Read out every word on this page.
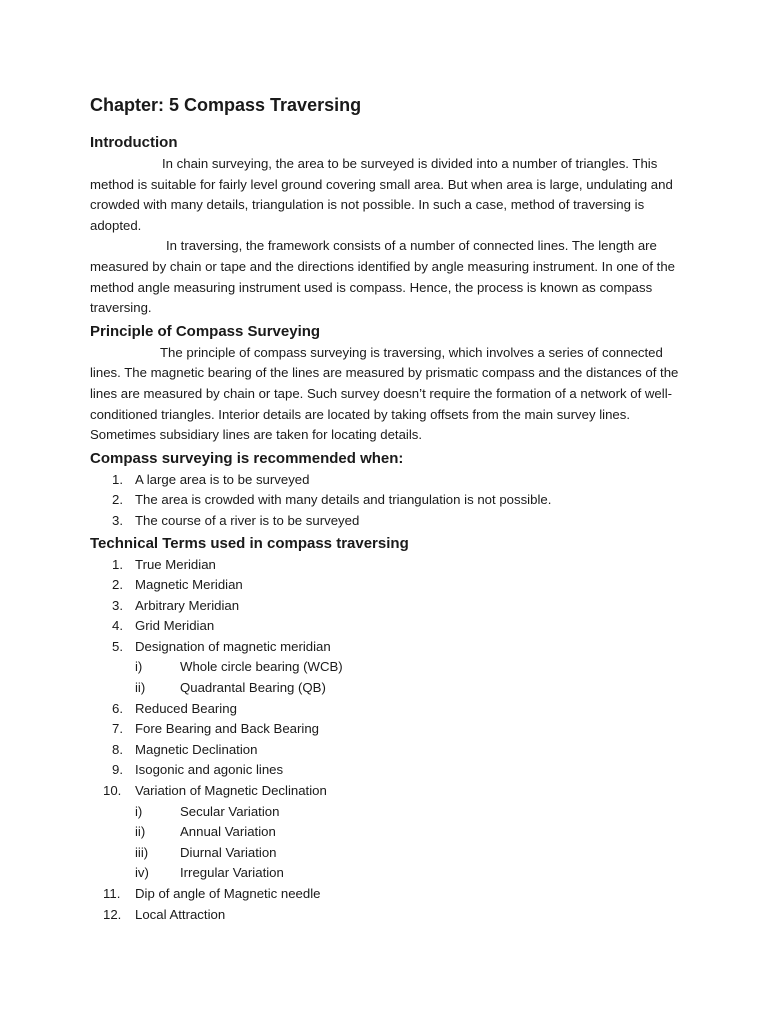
Chapter: 5 Compass Traversing
Introduction

In chain surveying, the area to be surveyed is divided into a number of triangles. This method is suitable for fairly level ground covering small area. But when area is large, undulating and crowded with many details, triangulation is not possible. In such a case, method of traversing is adopted.

In traversing, the framework consists of a number of connected lines. The length are measured by chain or tape and the directions identified by angle measuring instrument. In one of the method angle measuring instrument used is compass. Hence, the process is known as compass traversing.

Principle of Compass Surveying

The principle of compass surveying is traversing, which involves a series of connected lines. The magnetic bearing of the lines are measured by prismatic compass and the distances of the lines are measured by chain or tape. Such survey doesn’t require the formation of a network of well- conditioned triangles. Interior details are located by taking offsets from the main survey lines. Sometimes subsidiary lines are taken for locating details.

Compass surveying is recommended when:
1. A large area is to be surveyed
2. The area is crowded with many details and triangulation is not possible.
3. The course of a river is to be surveyed
Technical Terms used in compass traversing
1. True Meridian
2. Magnetic Meridian
3. Arbitrary Meridian
4. Grid Meridian
5. Designation of magnetic meridian
i)	Whole circle bearing (WCB)
ii)	Quadrantal Bearing (QB)
6. Reduced Bearing
7. Fore Bearing and Back Bearing
8. Magnetic Declination
9. Isogonic and agonic lines
10. Variation of Magnetic Declination
i)	Secular Variation
ii)	Annual Variation
iii) Diurnal Variation
iv) Irregular Variation
11.	Dip of angle of Magnetic needle
12. Local Attraction
